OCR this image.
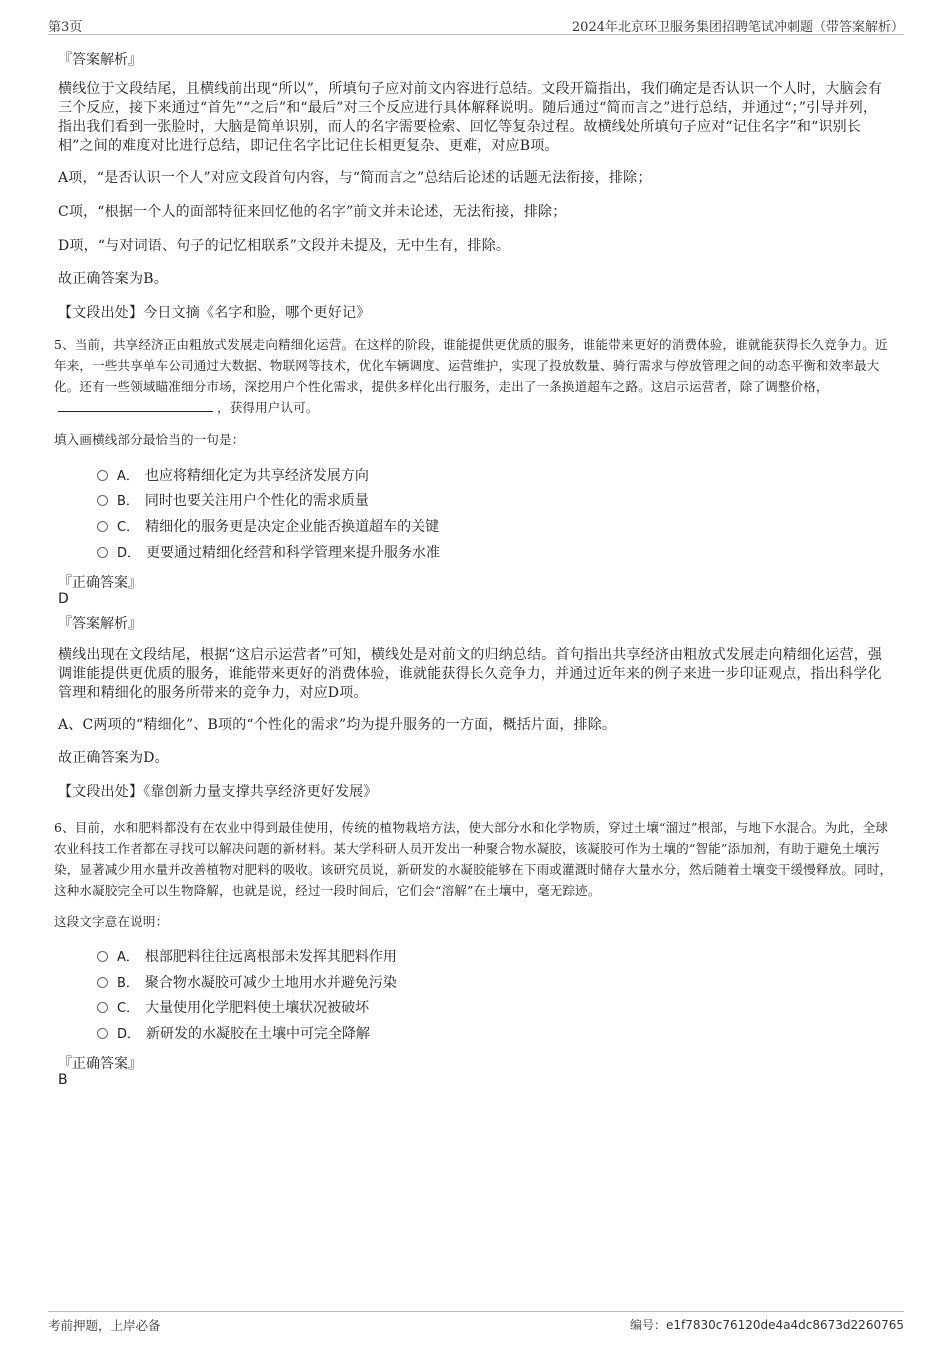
第3页	2024年北京环卫服务集团招聘笔试冲刺题（带答案解析）
『答案解析』
横线位于文段结尾，且横线前出现“所以”，所填句子应对前文内容进行总结。文段开篇指出，我们确定是否认识一个人时，大脑会有三个反应，接下来通过“首先”“之后”和“最后”对三个反应进行具体解释说明。随后通过“简而言之”进行总结，并通过“；”引导并列，指出我们看到一张脸时，大脑是简单识别，而人的名字需要检索、回忆等复杂过程。故横线处所填句子应对“记住名字”和“识别长相”之间的难度对比进行总结，即记住名字比记住长相更复杂、更难，对应B项。
A项，“是否认识一个人”对应文段首句内容，与“简而言之”总结后论述的话题无法衔接，排除；
C项，“根据一个人的面部特征来回忆他的名字”前文并未论述，无法衔接，排除；
D项，“与对词语、句子的记忆相联系”文段并未提及，无中生有，排除。
故正确答案为B。
【文段出处】今日文摘《名字和脸，哪个更好记》
5、当前，共享经济正由粗放式发展走向精细化运营。在这样的阶段，谁能提供更优质的服务，谁能带来更好的消费体验，谁就能获得长久竞争力。近年来，一些共享单车公司通过大数据、物联网等技术，优化车辆调度、运营维护，实现了投放数量、骑行需求与停放管理之间的动态平衡和效率最大化。还有一些领域瞄准细分市场，深挖用户个性化需求，提供多样化出行服务，走出了一条换道超车之路。这启示运营者，除了调整价格，，获得用户认可。
填入画横线部分最恰当的一句是：
A． 也应将精细化定为共享经济发展方向
B． 同时也要关注用户个性化的需求质量
C． 精细化的服务更是决定企业能否换道超车的关键
D． 更要通过精细化经营和科学管理来提升服务水准
『正确答案』
D
『答案解析』
横线出现在文段结尾，根据“这启示运营者”可知，横线处是对前文的归纳总结。首句指出共享经济由粗放式发展走向精细化运营，强调谁能提供更优质的服务，谁能带来更好的消费体验，谁就能获得长久竞争力，并通过近年来的例子来进一步印证观点，指出科学化管理和精细化的服务所带来的竞争力，对应D项。
A、C两项的“精细化”、B项的“个性化的需求”均为提升服务的一方面，概括片面，排除。
故正确答案为D。
【文段出处】《靠创新力量支撑共享经济更好发展》
6、目前，水和肥料都没有在农业中得到最佳使用，传统的植物栽培方法，使大部分水和化学物质，穿过土壤“溜过”根部，与地下水混合。为此，全球农业科技工作者都在寻找可以解决问题的新材料。某大学科研人员开发出一种聚合物水凝胶，该凝胶可作为土壤的“智能”添加剂，有助于避免土壤污染，显著减少用水量并改善植物对肥料的吸收。该研究员说，新研发的水凝胶能够在下雨或灌溉时储存大量水分，然后随着土壤变干缓慢释放。同时，这种水凝胶完全可以生物降解，也就是说，经过一段时间后，它们会“溶解”在土壤中，毫无踪迹。
这段文字意在说明：
A． 根部肥料往往远离根部未发挥其肥料作用
B． 聚合物水凝胶可减少土地用水并避免污染
C． 大量使用化学肥料使土壤状况被破坏
D． 新研发的水凝胶在土壤中可完全降解
『正确答案』
B
考前押题，上岸必备	编号：e1f7830c76120de4a4dc8673d2260765
